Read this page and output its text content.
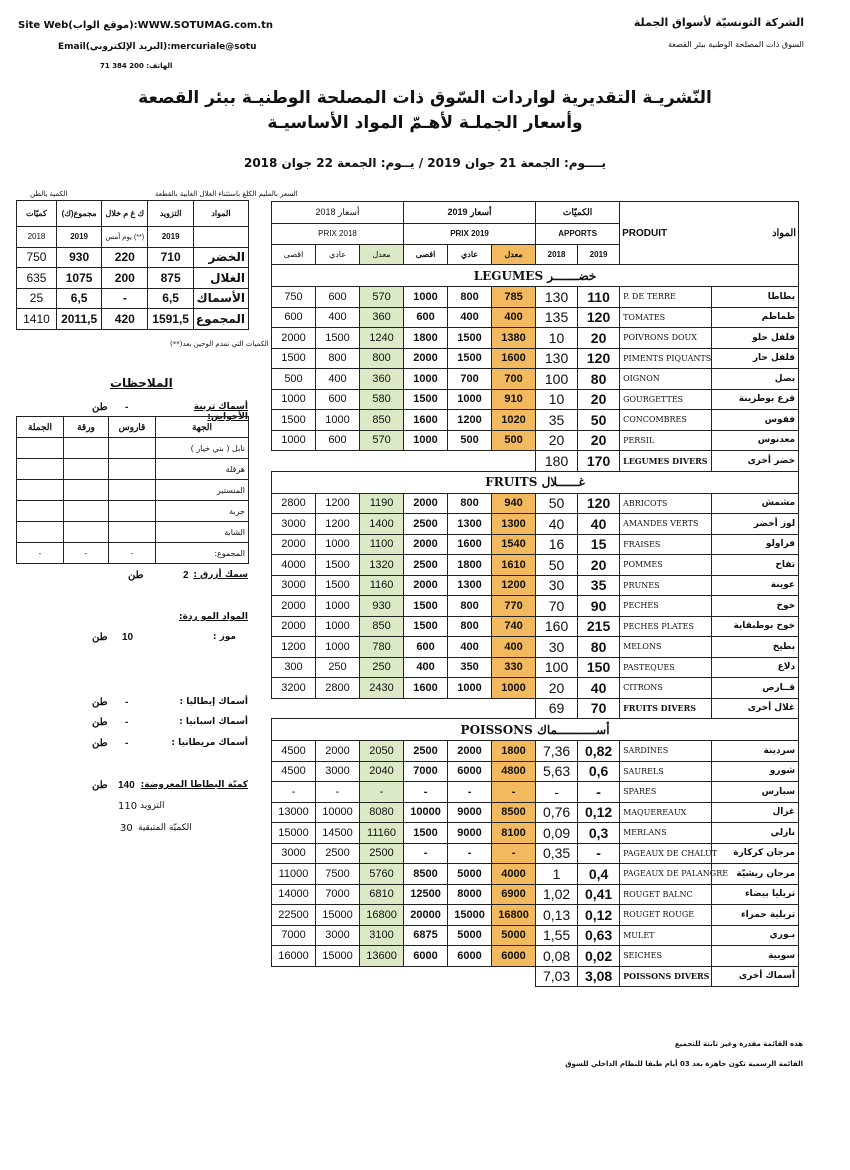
Site Web(موقع الواب):WWW.SOTUMAG.com.tn
Email(البريد الإلكتروني):mercuriale@sotu
الهاتف: 200 384 71
الشركة التونسيّة لأسواق الجملة
السوق ذات المصلحة الوطنية ببئر القصعة
النّشريـة التقديرية لواردات السّوق ذات المصلحة الوطنيـة ببئر القصعة
وأسعار الجملـة لأهـمّ المواد الأساسيـة
يــــوم: الجمعة 21 جوان 2019 / يــوم: الجمعة 22 جوان 2018
الكمية بالطن	السعر بالمليم الكلغ باستثناء الغلال الغابية بالقطعة
كميّات	مجموع(ك)	ك غ م خلال	التزويد	المواد
2018	2019	يوم أمس (**)	2019	
750	930	220	710	الخضر
635	1075	200	875	الغلال
25	6,5	-	6,5	الأسماك
1410	2011,5	420	1591,5	المجموع
الكميات التي تمدم الوحين بعد(**)
الملاحظات
أسماك تربية الأحواض:
-
طن
الجملة	ورقة	قاروس	الجهة
			نابل ( بني خيار )
			هرقلة
			المنستير
			جربة
			الشابة
-	-	-	المجموع:
سمك أزرق :
2
طن
المواد المو ردة:
موز :
10
طن
أسماك إيطاليا :
-
طن
أسماك اسبانيا :
-
طن
أسماك مريطانيا :
-
طن
كميّة البطاطا المعروضة:
140
طن
التزويد
110
الكميّة المتبقية
30
أسعار 2018			أسعار 2019			الكميّات		PRODUIT	المواد
PRIX 2018			PRIX 2019			APPORTS			
اقصى	عادي	معدل	اقصى	عادي	معدل	2018	2019		
LEGUMES خضـــــــر									
750	600	570	1000	800	785	130	110	P. DE TERRE	بطاطا
600	400	360	600	400	400	135	120	TOMATES	طماطم
2000	1500	1240	1800	1500	1380	10	20	POIVRONS DOUX	فلفل حلو
1500	800	800	2000	1500	1600	130	120	PIMENTS PIQUANTS	فلفل حار
500	400	360	1000	700	700	100	80	OIGNON	بصل
1000	600	580	1500	1000	910	10	20	GOURGETTES	قرع بوطزينة
1500	1000	850	1600	1200	1020	35	50	CONCOMBRES	فقوس
1000	600	570	1000	500	500	20	20	PERSIL	معدنوس
						180	170	LEGUMES DIVERS	خضر أخرى
FRUITS غــــــلال									
2800	1200	1190	2000	800	940	50	120	ABRICOTS	مشمش
3000	1200	1400	2500	1300	1300	40	40	AMANDES VERTS	لوز أخضر
2000	1000	1100	2000	1600	1540	16	15	FRAISES	فراولو
4000	1500	1320	2500	1800	1610	50	20	POMMES	تفاح
3000	1500	1160	2000	1300	1200	30	35	PRUNES	عوينة
2000	1000	930	1500	800	770	70	90	PECHES	خوخ
2000	1000	850	1500	800	740	160	215	PECHES PLATES	خوخ بوطبقاية
1200	1000	780	600	400	400	30	80	MELONS	بطيخ
300	250	250	400	350	330	100	150	PASTEQUES	دلاع
3200	2800	2430	1600	1000	1000	20	40	CITRONS	قــارص
						69	70	FRUITS DIVERS	غلال أخرى
POISSONS أســـــــــــماك									
4500	2000	2050	2500	2000	1800	7,36	0,82	SARDINES	سردينة
4500	3000	2040	7000	6000	4800	5,63	0,6	SAURELS	شورو
-	-	-	-	-	-	-	-	SPARES	سبارس
13000	10000	8080	10000	9000	8500	0,76	0,12	MAQUEREAUX	غزال
15000	14500	11160	1500	9000	8100	0,09	0,3	MERLANS	نازلي
3000	2500	2500	-	-	-	0,35	-	PAGEAUX DE CHALUT	مرجان كركارة
11000	7500	5760	8500	5000	4000	1	0,4	PAGEAUX DE PALANGRE	مرجان ريشيّة
14000	7000	6810	12500	8000	6900	1,02	0,41	ROUGET BALNC	تريليا بيضاء
22500	15000	16800	20000	15000	16800	0,13	0,12	ROUGET ROUGE	تريلية حمراء
7000	3000	3100	6875	5000	5000	1,55	0,63	MULET	بـوري
16000	15000	13600	6000	6000	6000	0,08	0,02	SEICHES	سوبية
						7,03	3,08	POISSONS DIVERS	أسماك أخرى
هذه القائمة مقدرة وغير ثابتة للتجميع
القائمة الرسمية تكون جاهزة بعد 03 أيام طبقا للنظام الداخلي للسوق
